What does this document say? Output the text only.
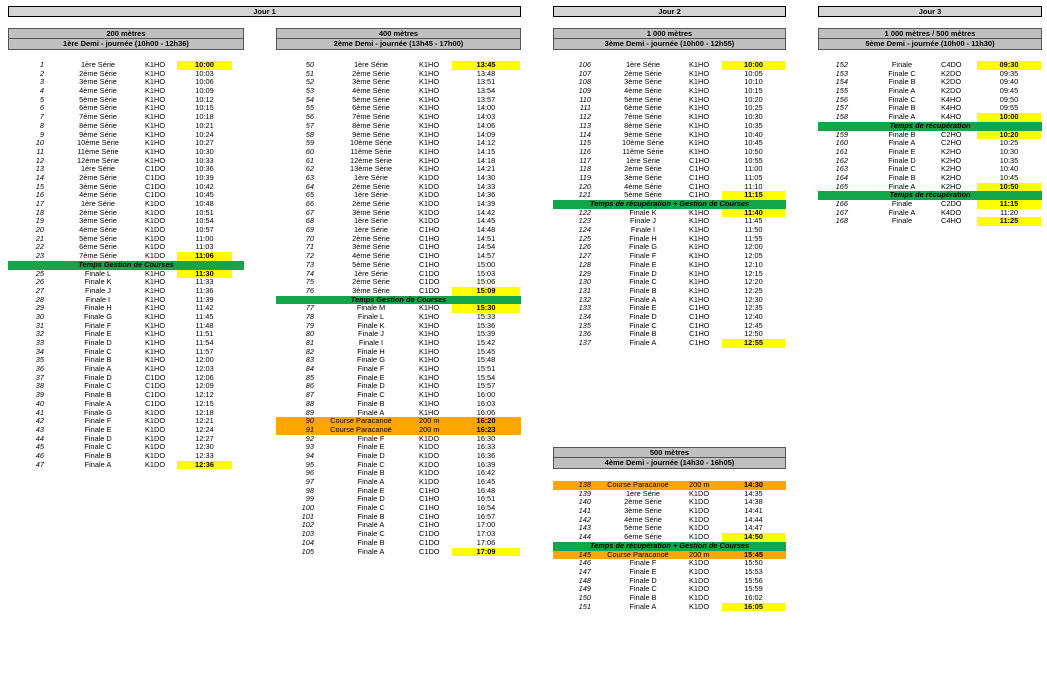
Jour 1	Jour 2	Jour 3
200 mètres
1ère Demi - journée (10h00 - 12h36)
400 mètres
2ème Demi - journée (13h45 - 17h00)
1 000 mètres
3ème Demi - journée (10h00 - 12h55)
500 mètres
4ème Demi - journée (14h30 - 16h05)
1 000 mètres / 500 mètres
5ème Demi - journée (10h00 - 11h30)
1	1ère Série	K1HO	10:00
2	2ème Série	K1HO	10:03
3	3ème Série	K1HO	10:06
4	4ème Série	K1HO	10:09
5	5ème Série	K1HO	10:12
6	6ème Série	K1HO	10:15
7	7ème Série	K1HO	10:18
8	8ème Série	K1HO	10:21
9	9ème Série	K1HO	10:24
10	10ème Série	K1HO	10:27
11	11ème Série	K1HO	10:30
12	12ème Série	K1HO	10:33
13	1ère Série	C1DO	10:36
14	2ème Série	C1DO	10:39
15	3ème Série	C1DO	10:42
16	4ème Série	C1DO	10:45
17	1ère Série	K1DO	10:48
18	2ème Série	K1DO	10:51
19	3ème Série	K1DO	10:54
20	4ème Série	K1DO	10:57
21	5ème Série	K1DO	11:00
22	6ème Série	K1DO	11:03
23	7ème Série	K1DO	11:06
Temps Gestion de Courses
25	Finale L	K1HO	11:30
26	Finale K	K1HO	11:33
27	Finale J	K1HO	11:36
28	Finale I	K1HO	11:39
29	Finale H	K1HO	11:42
30	Finale G	K1HO	11:45
31	Finale F	K1HO	11:48
32	Finale E	K1HO	11:51
33	Finale D	K1HO	11:54
34	Finale C	K1HO	11:57
35	Finale B	K1HO	12:00
36	Finale A	K1HO	12:03
37	Finale D	C1DO	12:06
38	Finale C	C1DO	12:09
39	Finale B	C1DO	12:12
40	Finale A	C1DO	12:15
41	Finale G	K1DO	12:18
42	Finale F	K1DO	12:21
43	Finale E	K1DO	12:24
44	Finale D	K1DO	12:27
45	Finale C	K1DO	12:30
46	Finale B	K1DO	12:33
47	Finale A	K1DO	12:36
50	1ère Série	K1HO	13:45
51	2ème Série	K1HO	13:48
52	3ème Série	K1HO	13:51
53	4ème Série	K1HO	13:54
54	5ème Série	K1HO	13:57
55	6ème Série	K1HO	14:00
56	7ème Série	K1HO	14:03
57	8ème Série	K1HO	14:06
58	9ème Série	K1HO	14:09
59	10ème Série	K1HO	14:12
60	11ème Série	K1HO	14:15
61	12ème Série	K1HO	14:18
62	13ème Série	K1HO	14:21
63	1ère Série	K1DO	14:30
64	2ème Série	K1DO	14:33
65	1ère Série	K1DO	14:36
66	2ème Série	K1DO	14:39
67	3ème Série	K1DO	14:42
68	1ère Série	K1DO	14:45
69	1ère Série	C1HO	14:48
70	2ème Série	C1HO	14:51
71	3ème Série	C1HO	14:54
72	4ème Série	C1HO	14:57
73	5ème Série	C1HO	15:00
74	1ère Série	C1DO	15:03
75	2ème Série	C1DO	15:06
76	3ème Série	C1DO	15:09
Temps Gestion de Courses
77	Finale M	K1HO	15:30
78	Finale L	K1HO	15:33
79	Finale K	K1HO	15:36
80	Finale J	K1HO	15:39
81	Finale I	K1HO	15:42
82	Finale H	K1HO	15:45
83	Finale G	K1HO	15:48
84	Finale F	K1HO	15:51
85	Finale E	K1HO	15:54
86	Finale D	K1HO	15:57
87	Finale C	K1HO	16:00
88	Finale B	K1HO	16:03
89	Finale A	K1HO	16:06
90	Course Paracanoë	200 m	16:20
91	Course Paracanoë	200 m	16:23
92	Finale F	K1DO	16:30
93	Finale E	K1DO	16:33
94	Finale D	K1DO	16:36
95	Finale C	K1DO	16:39
96	Finale B	K1DO	16:42
97	Finale A	K1DO	16:45
98	Finale E	C1HO	16:48
99	Finale D	C1HO	16:51
100	Finale C	C1HO	16:54
101	Finale B	C1HO	16:57
102	Finale A	C1HO	17:00
103	Finale C	C1DO	17:03
104	Finale B	C1DO	17:06
105	Finale A	C1DO	17:09
106	1ère Série	K1HO	10:00
107	2ème Série	K1HO	10:05
108	3ème Série	K1HO	10:10
109	4ème Série	K1HO	10:15
110	5ème Série	K1HO	10:20
111	6ème Série	K1HO	10:25
112	7ème Série	K1HO	10:30
113	8ème Série	K1HO	10:35
114	9ème Série	K1HO	10:40
115	10ème Série	K1HO	10:45
116	11ème Série	K1HO	10:50
117	1ère Série	C1HO	10:55
118	2ème Série	C1HO	11:00
119	3ème Série	C1HO	11:05
120	4ème Série	C1HO	11:10
121	5ème Série	C1HO	11:15
Temps de récupération + Gestion de Courses
122	Finale K	K1HO	11:40
123	Finale J	K1HO	11:45
124	Finale I	K1HO	11:50
125	Finale H	K1HO	11:55
126	Finale G	K1HO	12:00
127	Finale F	K1HO	12:05
128	Finale E	K1HO	12:10
129	Finale D	K1HO	12:15
130	Finale C	K1HO	12:20
131	Finale B	K1HO	12:25
132	Finale A	K1HO	12:30
133	Finale E	C1HO	12:35
134	Finale D	C1HO	12:40
135	Finale C	C1HO	12:45
136	Finale B	C1HO	12:50
137	Finale A	C1HO	12:55
138	Course Paracanoë	200 m	14:30
139	1ère Série	K1DO	14:35
140	2ème Série	K1DO	14:38
141	3ème Série	K1DO	14:41
142	4ème Série	K1DO	14:44
143	5ème Série	K1DO	14:47
144	6ème Série	K1DO	14:50
Temps de récupération + Gestion de Courses
145	Course Paracanoë	200 m	15:45
146	Finale F	K1DO	15:50
147	Finale E	K1DO	15:53
148	Finale D	K1DO	15:56
149	Finale C	K1DO	15:59
150	Finale B	K1DO	16:02
151	Finale A	K1DO	16:05
152	Finale	C4DO	09:30
153	Finale C	K2DO	09:35
154	Finale B	K2DO	09:40
155	Finale A	K2DO	09:45
156	Finale C	K4HO	09:50
157	Finale B	K4HO	09:55
158	Finale A	K4HO	10:00
Temps de récupération
159	Finale B	C2HO	10:20
160	Finale A	C2HO	10:25
161	Finale E	K2HO	10:30
162	Finale D	K2HO	10:35
163	Finale C	K2HO	10:40
164	Finale B	K2HO	10:45
165	Finale A	K2HO	10:50
Temps de récupération
166	Finale	C2DO	11:15
167	Finale A	K4DO	11:20
168	Finale	C4HO	11:25
